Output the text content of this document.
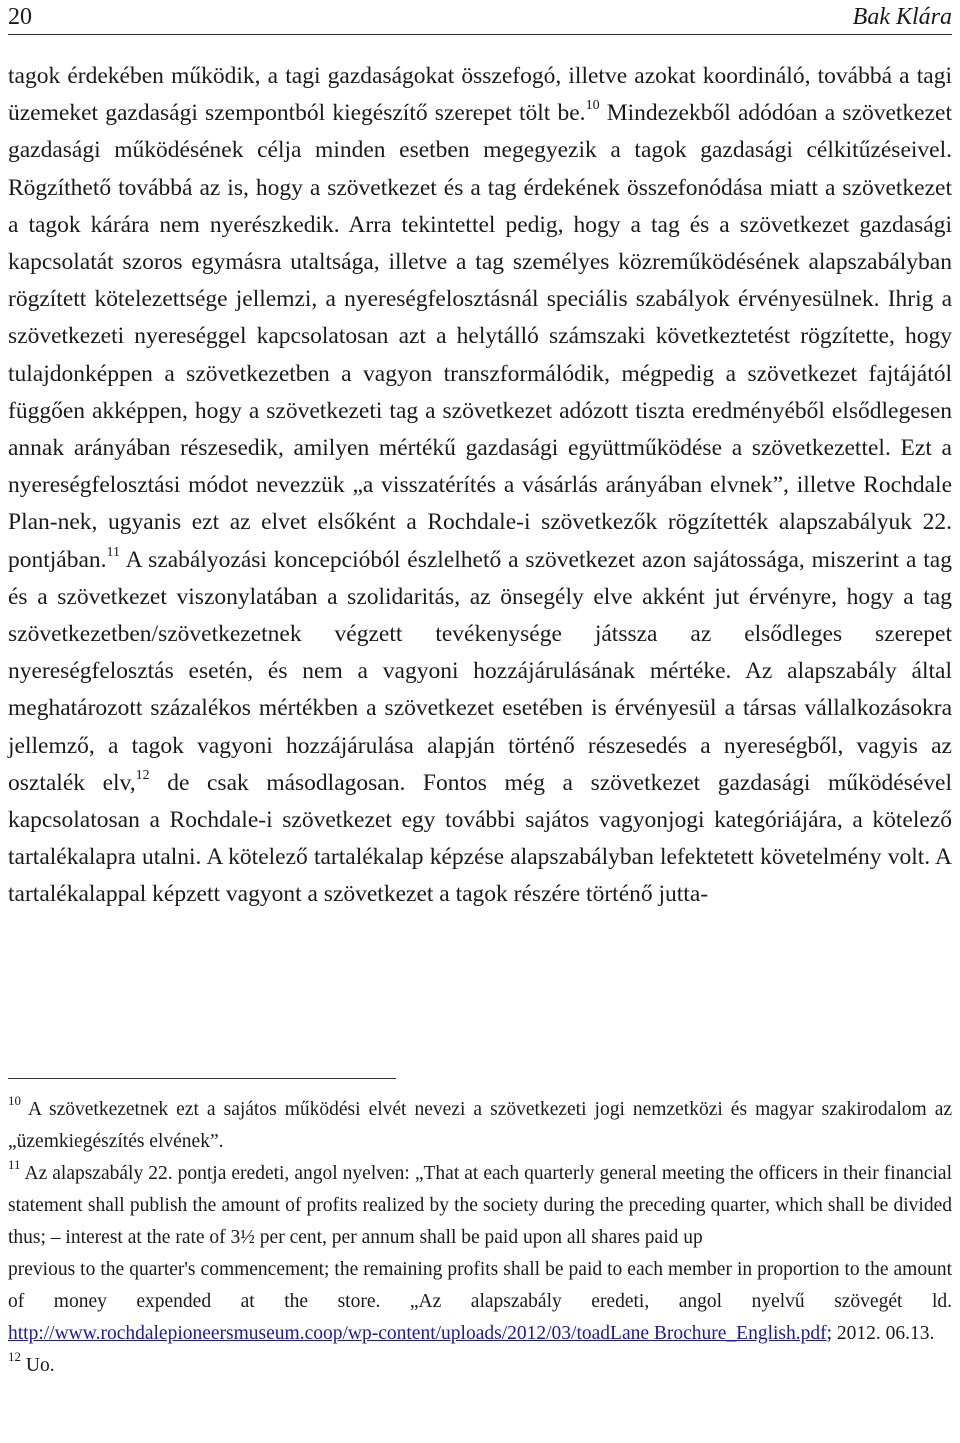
20	Bak Klára

tagok érdekében működik, a tagi gazdaságokat összefogó, illetve azokat koordináló, továbbá a tagi üzemeket gazdasági szempontból kiegészítő szerepet tölt be.$^{10}$ Mindezekből adódóan a szövetkezet gazdasági működésének célja minden esetben megegyezik a tagok gazdasági célkitűzéseivel. Rögzíthető továbbá az is, hogy a szövetkezet és a tag érdekének összefonódása miatt a szövetkezet a tagok kárára nem nyerészkedik. Arra tekintettel pedig, hogy a tag és a szövetkezet gazdasági kapcsolatát szoros egymásra utaltsága, illetve a tag személyes közreműködésének alapszabályban rögzített kötelezettsége jellemzi, a nyereségfelosztásnál speciális szabályok érvényesülnek. Ihrig a szövetkezeti nyereséggel kapcsolatosan azt a helytálló számszaki következtetést rögzítette, hogy tulajdonképpen a szövetkezetben a vagyon transzformálódik, mégpedig a szövetkezet fajtájától függően akképpen, hogy a szövetkezeti tag a szövetkezet adózott tiszta eredményéből elsődlegesen annak arányában részesedik, amilyen mértékű gazdasági együttműködése a szövetkezettel. Ezt a nyereségfelosztási módot nevezzük „a visszatérítés a vásárlás arányában elvnek”, illetve Rochdale Plan-nek, ugyanis ezt az elvet elsőként a Rochdale-i szövetkezők rögzítették alapszabályuk 22. pontjában.$^{11}$ A szabályozási koncepcióból észlelhető a szövetkezet azon sajátossága, miszerint a tag és a szövetkezet viszonylatában a szolidaritás, az önsegély elve akként jut érvényre, hogy a tag szövetkezetben/szövetkezetnek végzett tevékenysége játssza az elsődleges szerepet nyereségfelosztás esetén, és nem a vagyoni hozzájárulásának mértéke. Az alapszabály által meghatározott százalékos mértékben a szövetkezet esetében is érvényesül a társas vállalkozásokra jellemző, a tagok vagyoni hozzájárulása alapján történő részesedés a nyereségből, vagyis az osztalék elv,$^{12}$ de csak másodlagosan. Fontos még a szövetkezet gazdasági működésével kapcsolatosan a Rochdale-i szövetkezet egy további sajátos vagyonjogi kategóriájára, a kötelező tartalékalapra utalni. A kötelező tartalékalap képzése alapszabályban lefektetett követelmény volt. A tartalékalappal képzett vagyont a szövetkezet a tagok részére történő jutta-

$^{10}$ A szövetkezetnek ezt a sajátos működési elvét nevezi a szövetkezeti jogi nemzetközi és magyar szakirodalom az „üzemkiegészítés elvének”.

$^{11}$ Az alapszabály 22. pontja eredeti, angol nyelven: „That at each quarterly general meeting the officers in their financial statement shall publish the amount of profits realized by the society during the preceding quarter, which shall be divided thus; – interest at the rate of 3½ per cent, per annum shall be paid upon all shares paid up

previous to the quarter's commencement; the remaining profits shall be paid to each member in proportion to the amount of money expended at the store. „Az alapszabály eredeti, angol nyelvű szövegét ld. http://www.rochdalepioneersmuseum.coop/wp-content/uploads/2012/03/toadLane Brochure_English.pdf; 2012. 06.13.

$^{12}$ Uo.
